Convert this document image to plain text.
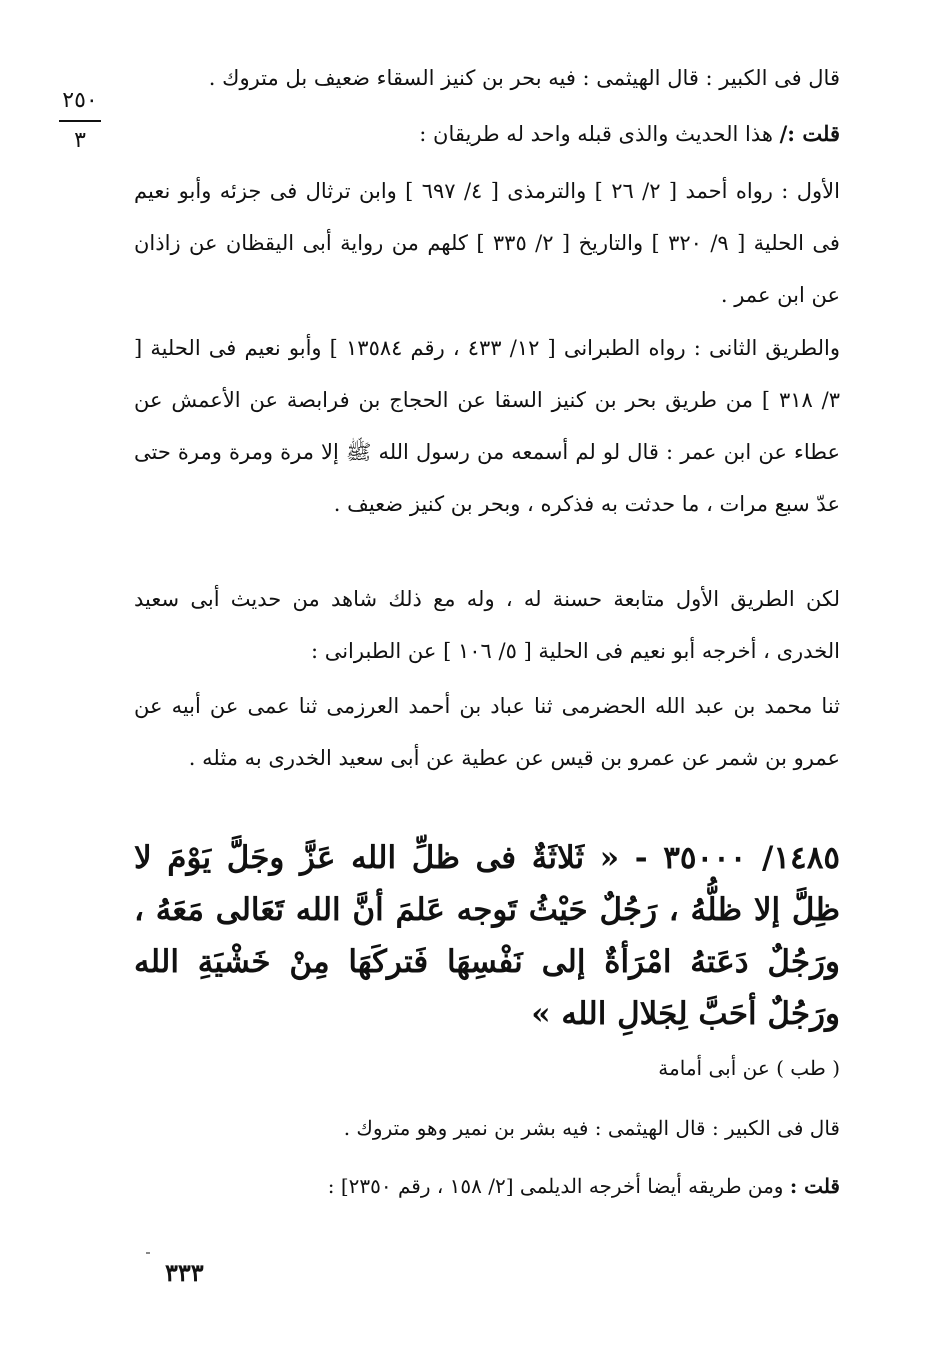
٢٥٠
٣

قال فى الكبير : قال الهيثمى : فيه بحر بن كنيز السقاء ضعيف بل متروك .

قلت :/ هذا الحديث والذى قبله واحد له طريقان :

الأول : رواه أحمد [ ٢/ ٢٦ ] والترمذى [ ٤/ ٦٩٧ ] وابن ترثال فى جزئه وأبو نعيم فى الحلية [ ٩/ ٣٢٠ ] والتاريخ [ ٢/ ٣٣٥ ] كلهم من رواية أبى اليقظان عن زاذان عن ابن عمر .

والطريق الثانى : رواه الطبرانى [ ١٢/ ٤٣٣ ، رقم ١٣٥٨٤ ] وأبو نعيم فى الحلية [ ٣/ ٣١٨ ] من طريق بحر بن كنيز السقا عن الحجاج بن فرابصة عن الأعمش عن عطاء عن ابن عمر : قال لو لم أسمعه من رسول الله ﷺ إلا مرة ومرة ومرة حتى عدّ سبع مرات ، ما حدثت به فذكره ، وبحر بن كنيز ضعيف .

لكن الطريق الأول متابعة حسنة له ، وله مع ذلك شاهد من حديث أبى سعيد الخدرى ، أخرجه أبو نعيم فى الحلية [ ٥/ ١٠٦ ] عن الطبرانى :

ثنا محمد بن عبد الله الحضرمى ثنا عباد بن أحمد العرزمى ثنا عمى عن أبيه عن عمرو بن شمر عن عمرو بن قيس عن عطية عن أبى سعيد الخدرى به مثله .

١٤٨٥/ ٣٥٠٠٠ - « ثَلاثَةٌ فى ظلِّ الله عَزَّ وجَلَّ يَوْمَ لا ظِلَّ إلا ظلُّهُ ، رَجُلٌ حَيْثُ تَوجه عَلمَ أنَّ الله تَعَالى مَعَهُ ، ورَجُلٌ دَعَتهُ امْرَأةٌ إلى نَفْسِهَا فَتركَهَا مِنْ خَشْيَةِ الله ورَجُلٌ أحَبَّ لِجَلالِ الله »

( طب ) عن أبى أمامة

قال فى الكبير : قال الهيثمى : فيه بشر بن نمير وهو متروك .

قلت : ومن طريقه أيضا أخرجه الديلمى [٢/ ١٥٨ ، رقم ٢٣٥٠] :

٣٣٣
